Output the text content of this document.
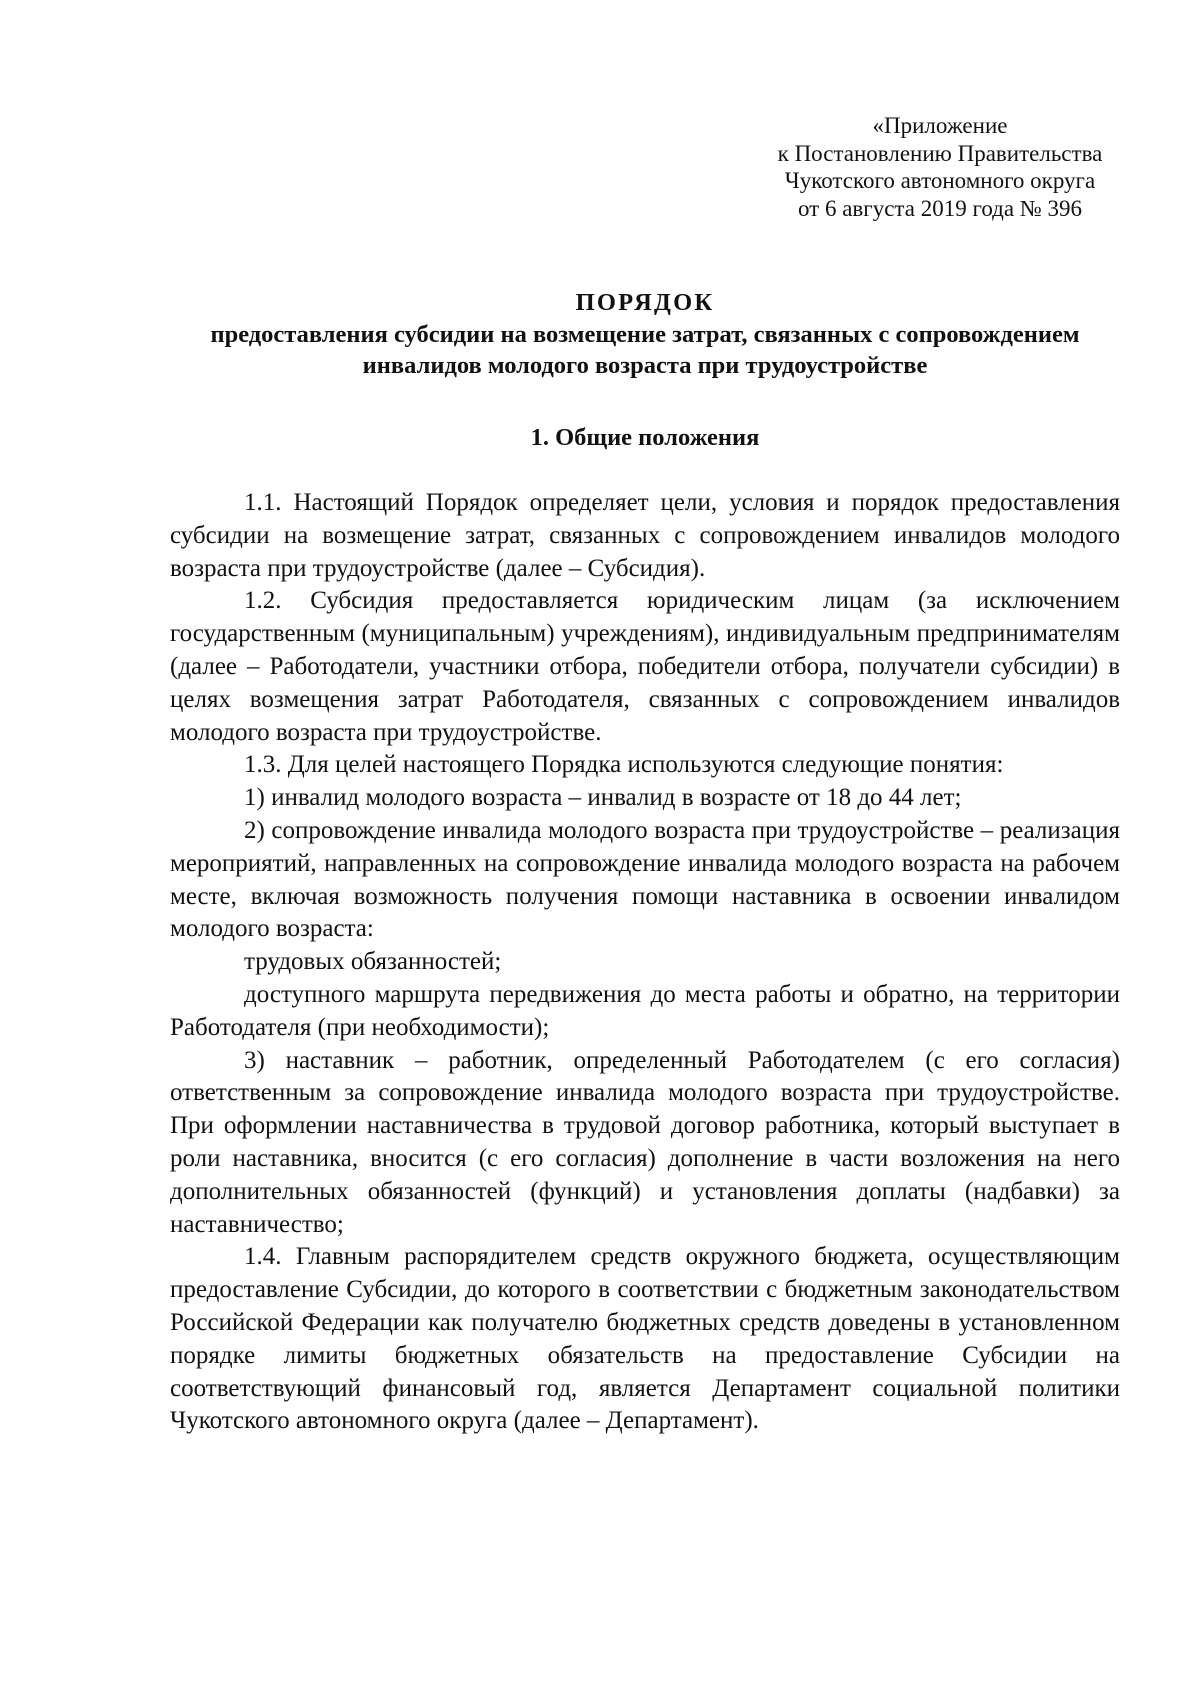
«Приложение
к Постановлению Правительства
Чукотского автономного округа
от 6 августа 2019 года № 396

ПОРЯДОК

предоставления субсидии на возмещение затрат, связанных с сопровождением инвалидов молодого возраста при трудоустройстве

1. Общие положения

1.1. Настоящий Порядок определяет цели, условия и порядок предоставления субсидии на возмещение затрат, связанных с сопровождением инвалидов молодого возраста при трудоустройстве (далее – Субсидия).

1.2. Субсидия предоставляется юридическим лицам (за исключением государственным (муниципальным) учреждениям), индивидуальным предпринимателям (далее – Работодатели, участники отбора, победители отбора, получатели субсидии) в целях возмещения затрат Работодателя, связанных с сопровождением инвалидов молодого возраста при трудоустройстве.

1.3. Для целей настоящего Порядка используются следующие понятия:

1) инвалид молодого возраста – инвалид в возрасте от 18 до 44 лет;

2) сопровождение инвалида молодого возраста при трудоустройстве – реализация мероприятий, направленных на сопровождение инвалида молодого возраста на рабочем месте, включая возможность получения помощи наставника в освоении инвалидом молодого возраста:

трудовых обязанностей;

доступного маршрута передвижения до места работы и обратно, на территории Работодателя (при необходимости);

3) наставник – работник, определенный Работодателем (с его согласия) ответственным за сопровождение инвалида молодого возраста при трудоустройстве. При оформлении наставничества в трудовой договор работника, который выступает в роли наставника, вносится (с его согласия) дополнение в части возложения на него дополнительных обязанностей (функций) и установления доплаты (надбавки) за наставничество;

1.4. Главным распорядителем средств окружного бюджета, осуществляющим предоставление Субсидии, до которого в соответствии с бюджетным законодательством Российской Федерации как получателю бюджетных средств доведены в установленном порядке лимиты бюджетных обязательств на предоставление Субсидии на соответствующий финансовый год, является Департамент социальной политики Чукотского автономного округа (далее – Департамент).
